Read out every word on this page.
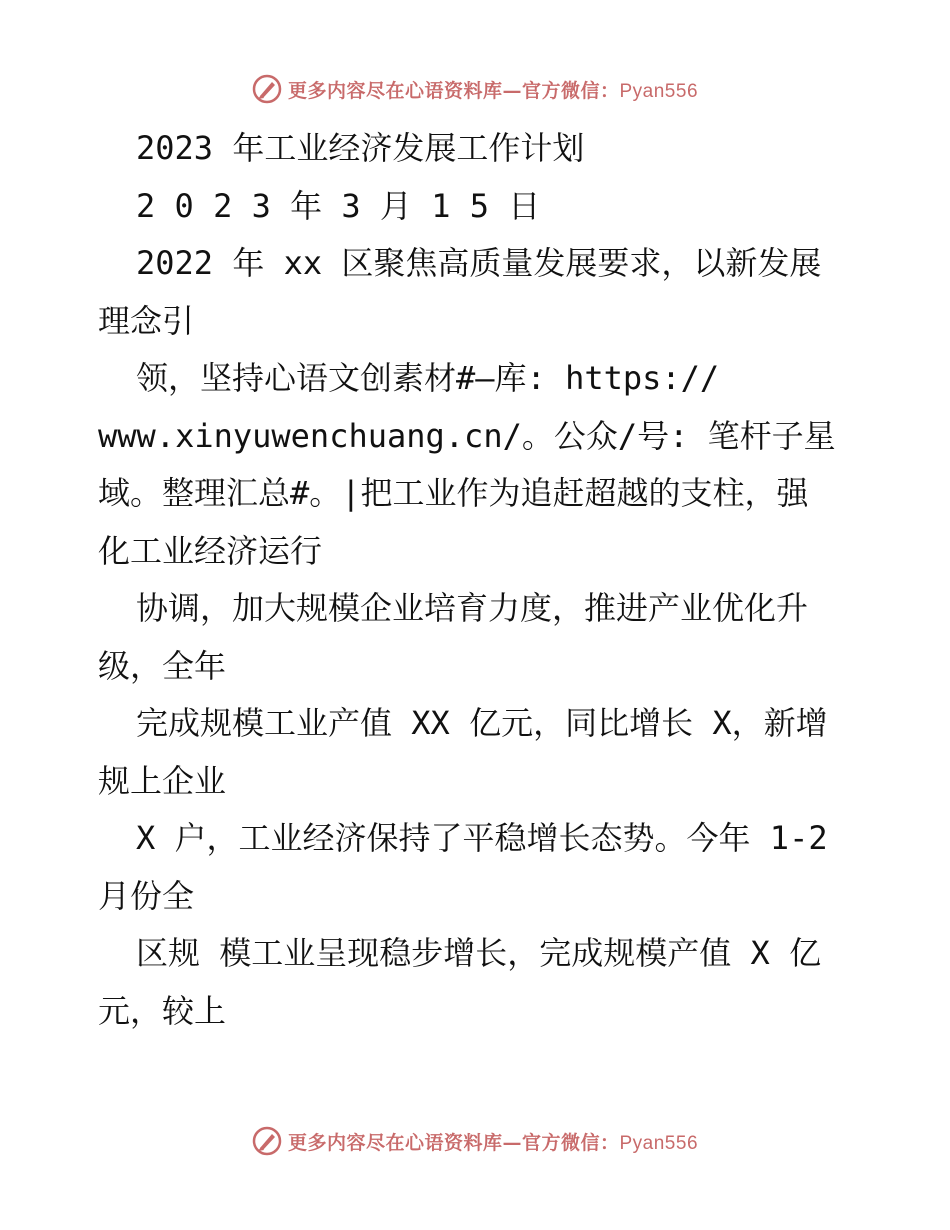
更多内容尽在心语资料库—官方微信：Pyan556
2023 年工业经济发展工作计划
2 0 2 3 年 3 月 1 5 日
2022 年 xx 区聚焦高质量发展要求，以新发展
理念引
领，坚持心语文创素材#—库: https://
www.xinyuwenchuang.cn/。公众/号: 笔杆子星
域。整理汇总#。|把工业作为追赶超越的支柱，强
化工业经济运行
协调，加大规模企业培育力度，推进产业优化升
级，全年
完成规模工业产值 XX 亿元，同比增长 X，新增
规上企业
X 户，工业经济保持了平稳增长态势。今年 1-2
月份全
区规 模工业呈现稳步增长，完成规模产值 X 亿
元，较上
更多内容尽在心语资料库—官方微信：Pyan556
